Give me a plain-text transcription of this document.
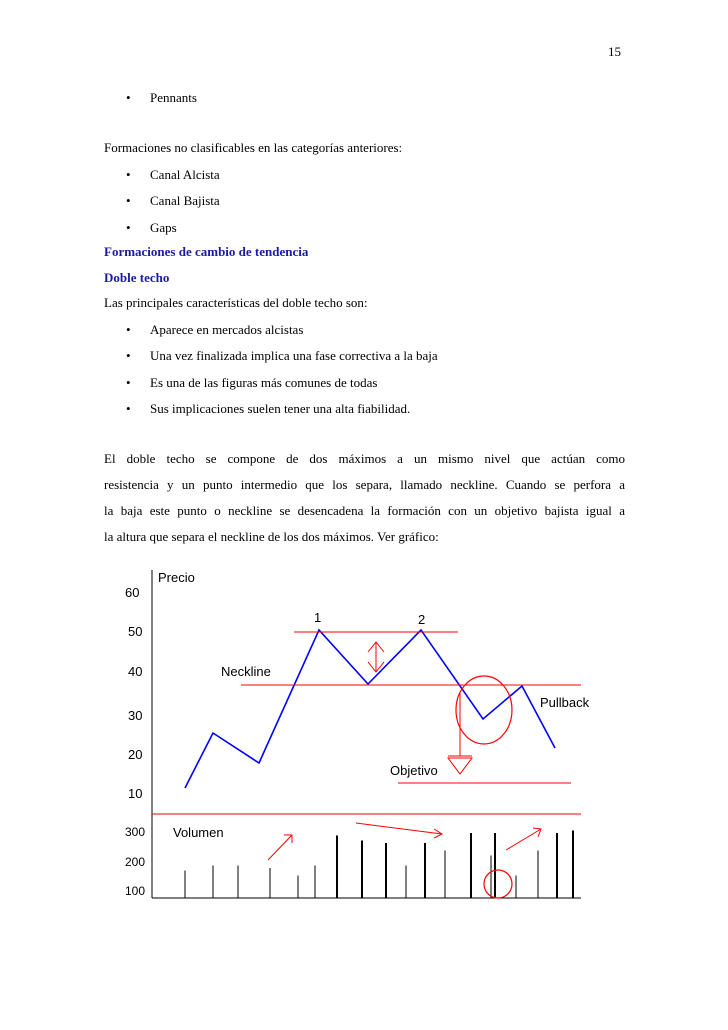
15
• Pennants
Formaciones no clasificables en las categorías anteriores:
• Canal Alcista
• Canal Bajista
• Gaps
Formaciones de cambio de tendencia
Doble techo
Las principales características del doble techo son:
• Aparece en mercados alcistas
• Una vez finalizada implica una fase correctiva a la baja
• Es una de las figuras más comunes de todas
• Sus implicaciones suelen tener una alta fiabilidad.
El doble techo se compone de dos máximos a un mismo nivel que actúan como
resistencia y un punto intermedio que los separa, llamado neckline. Cuando se perfora a
la baja este punto o neckline se desencadena la formación con un objetivo bajista igual a
la altura que separa el neckline de los dos máximos. Ver gráfico:
Precio
60
50
40
30
20
10
1	2
Neckline
Pullback
Objetivo
Volumen
300
200
100
